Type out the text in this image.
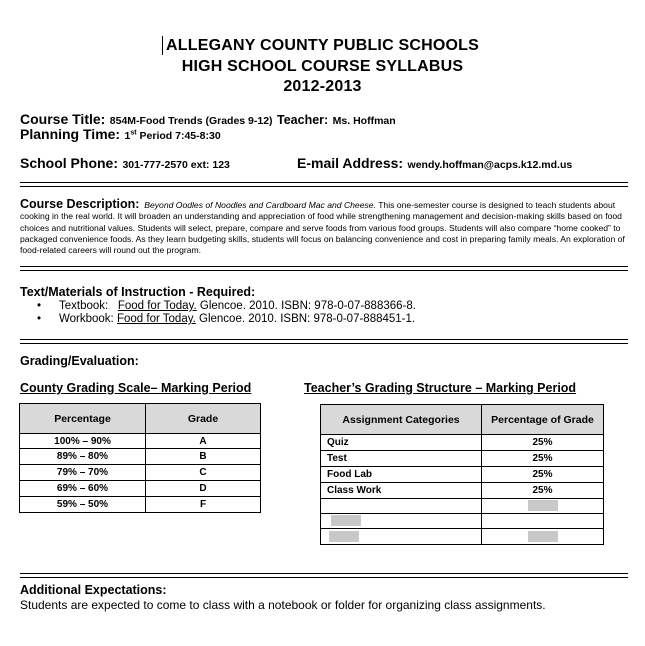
ALLEGANY COUNTY PUBLIC SCHOOLS
HIGH SCHOOL COURSE SYLLABUS
2012-2013
Course Title: 854M-Food Trends (Grades 9-12) Teacher: Ms. Hoffman
Planning Time: 1st Period 7:45-8:30
School Phone: 301-777-2570 ext: 123	E-mail Address: wendy.hoffman@acps.k12.md.us
Course Description: Beyond Oodles of Noodles and Cardboard Mac and Cheese. This one-semester course is designed to teach students about cooking in the real world. It will broaden an understanding and appreciation of food while strengthening management and decision-making skills based on food choices and nutritional values. Students will select, prepare, compare and serve foods from various food groups. Students will also compare “home cooked” to packaged convenience foods. As they learn budgeting skills, students will focus on balancing convenience and cost in preparing family meals. An exploration of food-related careers will round out the program.
Text/Materials of Instruction - Required:
• Textbook: Food for Today. Glencoe. 2010. ISBN: 978-0-07-888366-8.
• Workbook: Food for Today. Glencoe. 2010. ISBN: 978-0-07-888451-1.
Grading/Evaluation:
County Grading Scale– Marking Period
Percentage	Grade
100% – 90%	A
89% – 80%	B
79% – 70%	C
69% – 60%	D
59% – 50%	F
Teacher’s Grading Structure – Marking Period
Assignment Categories	Percentage of Grade
Quiz	25%
Test	25%
Food Lab	25%
Class Work	25%

Additional Expectations:
Students are expected to come to class with a notebook or folder for organizing class assignments.
